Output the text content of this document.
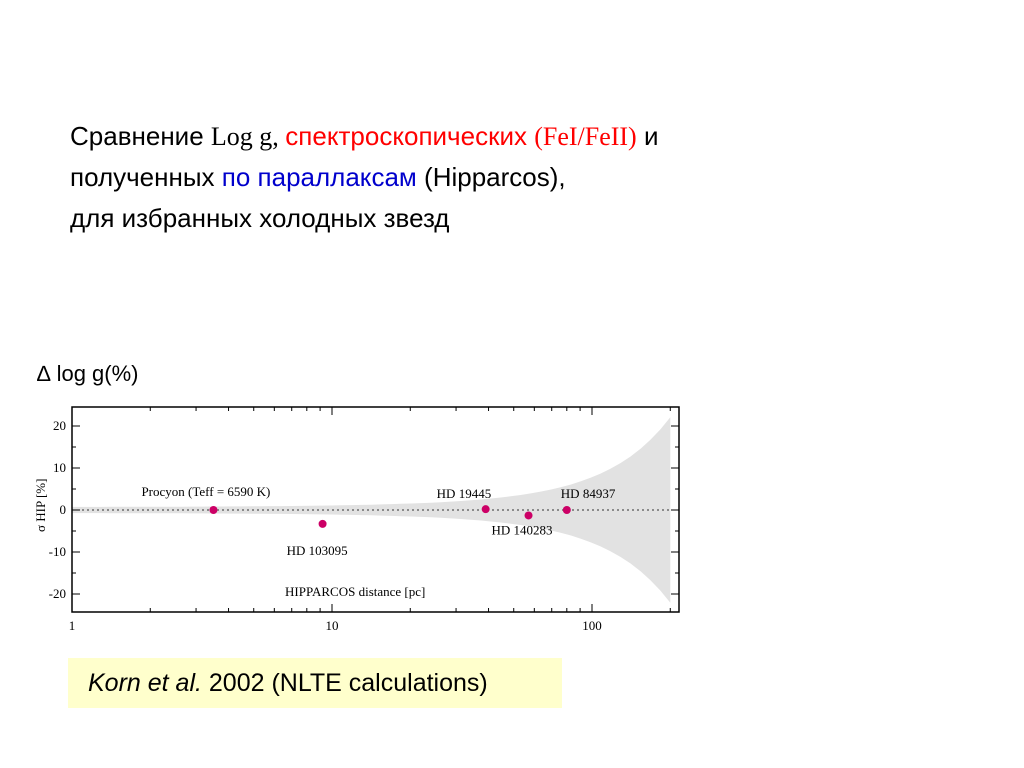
Сравнение Log g, спектроскопических (FeI/FeII) и
полученных по параллаксам (Hipparcos),
для избранных холодных звезд
∆ log g(%)
20
10
0
-10
-20
1	10	100
Procyon (Teff = 6590 K)
HD 103095
HD 19445
HD 140283
HD 84937
HIPPARCOS distance [pc]
σ HIP [%]
Korn et al. 2002 (NLTE calculations)
